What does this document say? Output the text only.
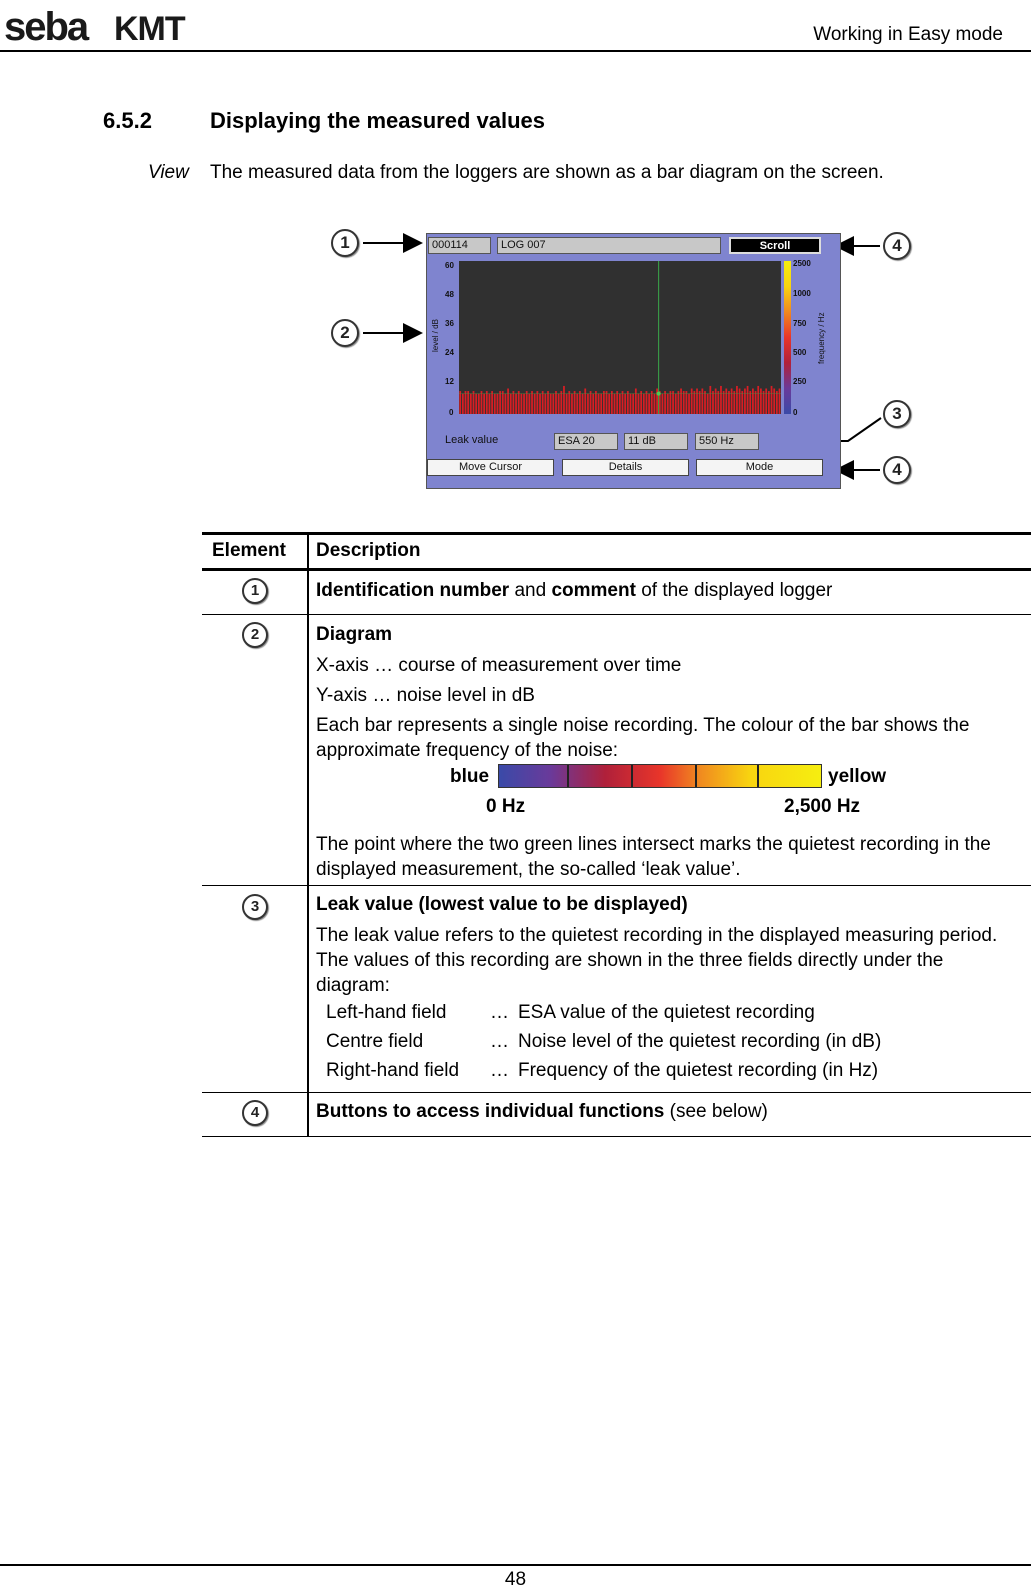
seba KMT	Working in Easy mode
6.5.2	Displaying the measured values
View The measured data from the loggers are shown as a bar diagram on the screen.
1
2
4
3
4
000114	LOG 007	Scroll
60
48
36
24
12
0
level / dB
2500
1000
750
500
250
0
frequency / Hz
Leak value	ESA 20	11 dB	550 Hz
Move Cursor	Details	Mode
Element Description
1	Identification number and comment of the displayed logger
2	Diagram
X-axis … course of measurement over time
Y-axis … noise level in dB
Each bar represents a single noise recording. The colour of the bar shows the approximate frequency of the noise:
blue	yellow
0 Hz	2,500 Hz
The point where the two green lines intersect marks the quietest recording in the displayed measurement, the so-called ‘leak value’.
3	Leak value (lowest value to be displayed)
The leak value refers to the quietest recording in the displayed measuring period. The values of this recording are shown in the three fields directly under the diagram:
Left-hand field … ESA value of the quietest recording
Centre field	… Noise level of the quietest recording (in dB)
Right-hand field … Frequency of the quietest recording (in Hz)
4	Buttons to access individual functions (see below)
48
